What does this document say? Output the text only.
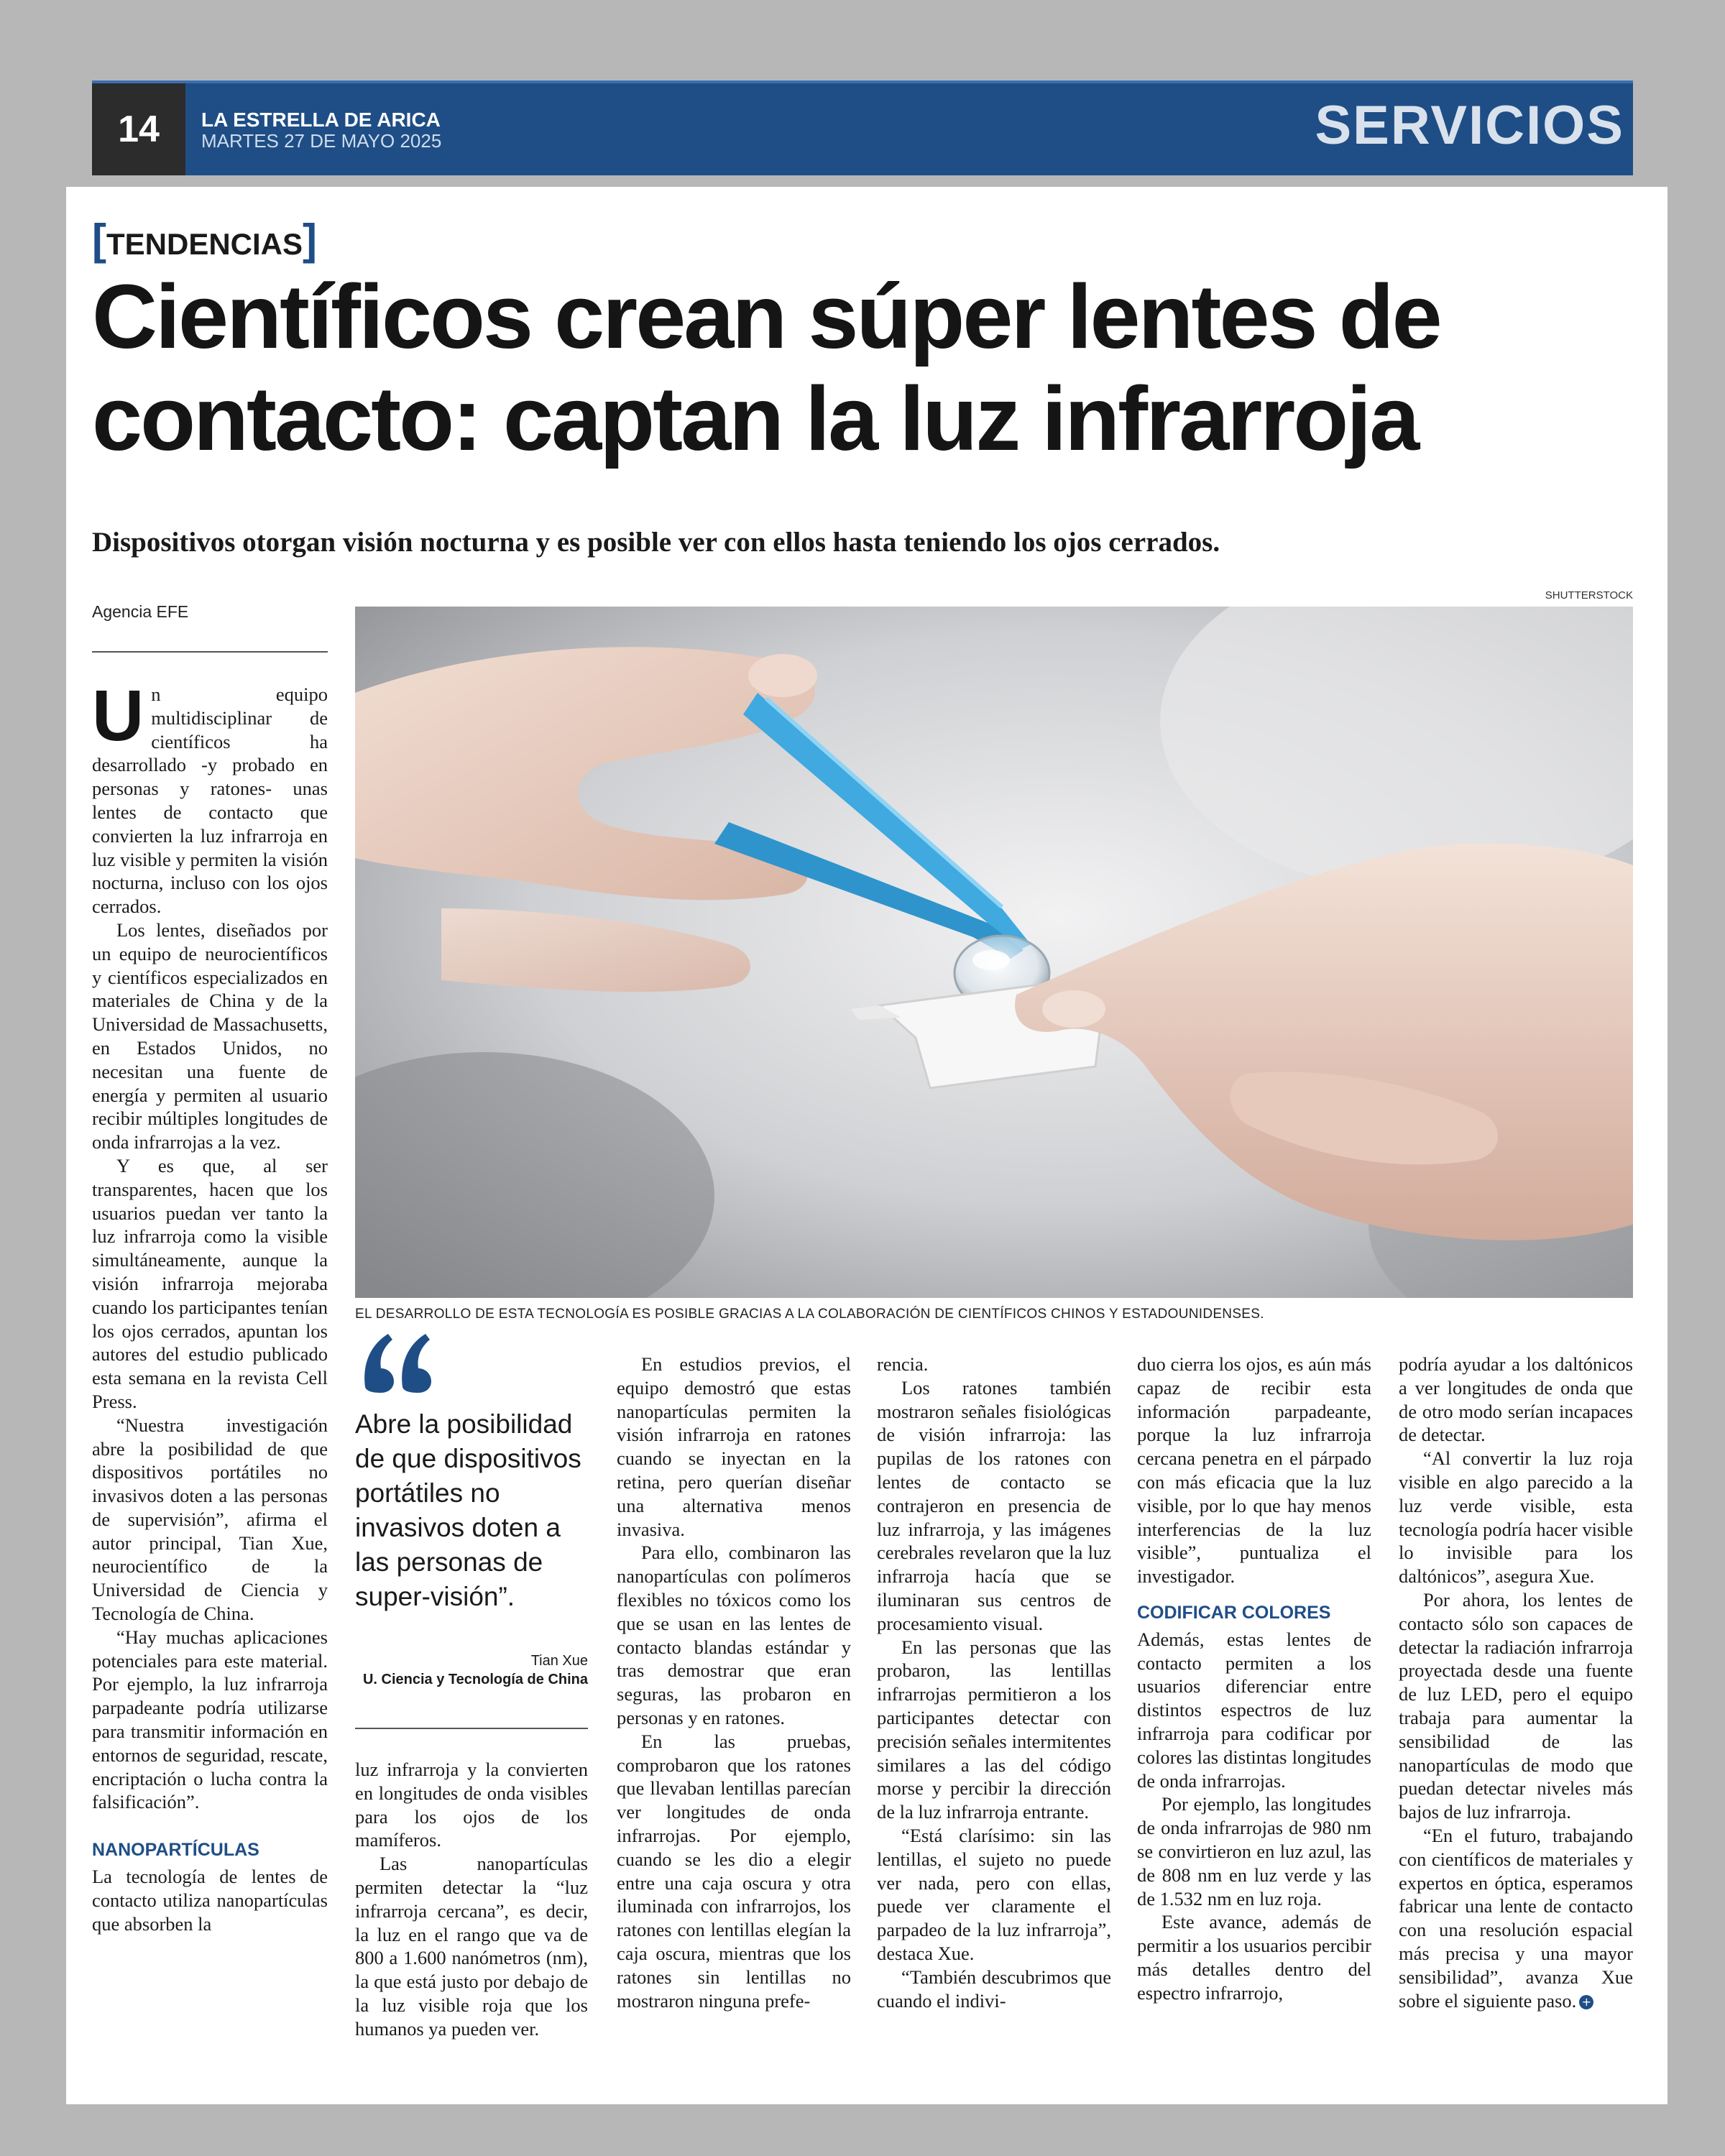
14	LA ESTRELLA DE ARICA
MARTES 27 DE MAYO 2025	SERVICIOS
[TENDENCIAS]
Científicos crean súper lentes de
contacto: captan la luz infrarroja
Dispositivos otorgan visión nocturna y es posible ver con ellos hasta teniendo los ojos cerrados.
Agencia EFE
SHUTTERSTOCK
EL DESARROLLO DE ESTA TECNOLOGÍA ES POSIBLE GRACIAS A LA COLABORACIÓN DE CIENTÍFICOS CHINOS Y ESTADOUNIDENSES.

Un equipo multidisciplinar de científicos ha desarrollado -y probado en personas y ratones- unas lentes de contacto que convierten la luz infrarroja en luz visible y permiten la visión nocturna, incluso con los ojos cerrados.

Los lentes, diseñados por un equipo de neurocientíficos y científicos especializados en materiales de China y de la Universidad de Massachusetts, en Estados Unidos, no necesitan una fuente de energía y permiten al usuario recibir múltiples longitudes de onda infrarrojas a la vez.

Y es que, al ser transparentes, hacen que los usuarios puedan ver tanto la luz infrarroja como la visible simultáneamente, aunque la visión infrarroja mejoraba cuando los participantes tenían los ojos cerrados, apuntan los autores del estudio publicado esta semana en la revista Cell Press.

“Nuestra investigación abre la posibilidad de que dispositivos portátiles no invasivos doten a las personas de supervisión”, afirma el autor principal, Tian Xue, neurocientífico de la Universidad de Ciencia y Tecnología de China.

“Hay muchas aplicaciones potenciales para este material. Por ejemplo, la luz infrarroja parpadeante podría utilizarse para transmitir información en entornos de seguridad, rescate, encriptación o lucha contra la falsificación”.

NANOPARTÍCULAS

La tecnología de lentes de contacto utiliza nanopartículas que absorben la

Abre la posibilidad de que dispositivos portátiles no invasivos doten a las personas de super-visión”.
Tian Xue
U. Ciencia y Tecnología de China

luz infrarroja y la convierten en longitudes de onda visibles para los ojos de los mamíferos.

Las nanopartículas permiten detectar la “luz infrarroja cercana”, es decir, la luz en el rango que va de 800 a 1.600 nanómetros (nm), la que está justo por debajo de la luz visible roja que los humanos ya pueden ver.

En estudios previos, el equipo demostró que estas nanopartículas permiten la visión infrarroja en ratones cuando se inyectan en la retina, pero querían diseñar una alternativa menos invasiva.

Para ello, combinaron las nanopartículas con polímeros flexibles no tóxicos como los que se usan en las lentes de contacto blandas estándar y tras demostrar que eran seguras, las probaron en personas y en ratones.

En las pruebas, comprobaron que los ratones que llevaban lentillas parecían ver longitudes de onda infrarrojas. Por ejemplo, cuando se les dio a elegir entre una caja oscura y otra iluminada con infrarrojos, los ratones con lentillas elegían la caja oscura, mientras que los ratones sin lentillas no mostraron ninguna prefe-

rencia.

Los ratones también mostraron señales fisiológicas de visión infrarroja: las pupilas de los ratones con lentes de contacto se contrajeron en presencia de luz infrarroja, y las imágenes cerebrales revelaron que la luz infrarroja hacía que se iluminaran sus centros de procesamiento visual.

En las personas que las probaron, las lentillas infrarrojas permitieron a los participantes detectar con precisión señales intermitentes similares a las del código morse y percibir la dirección de la luz infrarroja entrante.

“Está clarísimo: sin las lentillas, el sujeto no puede ver nada, pero con ellas, puede ver claramente el parpadeo de la luz infrarroja”, destaca Xue.

“También descubrimos que cuando el indivi-

duo cierra los ojos, es aún más capaz de recibir esta información parpadeante, porque la luz infrarroja cercana penetra en el párpado con más eficacia que la luz visible, por lo que hay menos interferencias de la luz visible”, puntualiza el investigador.

CODIFICAR COLORES

Además, estas lentes de contacto permiten a los usuarios diferenciar entre distintos espectros de luz infrarroja para codificar por colores las distintas longitudes de onda infrarrojas.

Por ejemplo, las longitudes de onda infrarrojas de 980 nm se convirtieron en luz azul, las de 808 nm en luz verde y las de 1.532 nm en luz roja.

Este avance, además de permitir a los usuarios percibir más detalles dentro del espectro infrarrojo,

podría ayudar a los daltónicos a ver longitudes de onda que de otro modo serían incapaces de detectar.

“Al convertir la luz roja visible en algo parecido a la luz verde visible, esta tecnología podría hacer visible lo invisible para los daltónicos”, asegura Xue.

Por ahora, los lentes de contacto sólo son capaces de detectar la radiación infrarroja proyectada desde una fuente de luz LED, pero el equipo trabaja para aumentar la sensibilidad de las nanopartículas de modo que puedan detectar niveles más bajos de luz infrarroja.

“En el futuro, trabajando con científicos de materiales y expertos en óptica, esperamos fabricar una lente de contacto con una resolución espacial más precisa y una mayor sensibilidad”, avanza Xue sobre el siguiente paso. +
